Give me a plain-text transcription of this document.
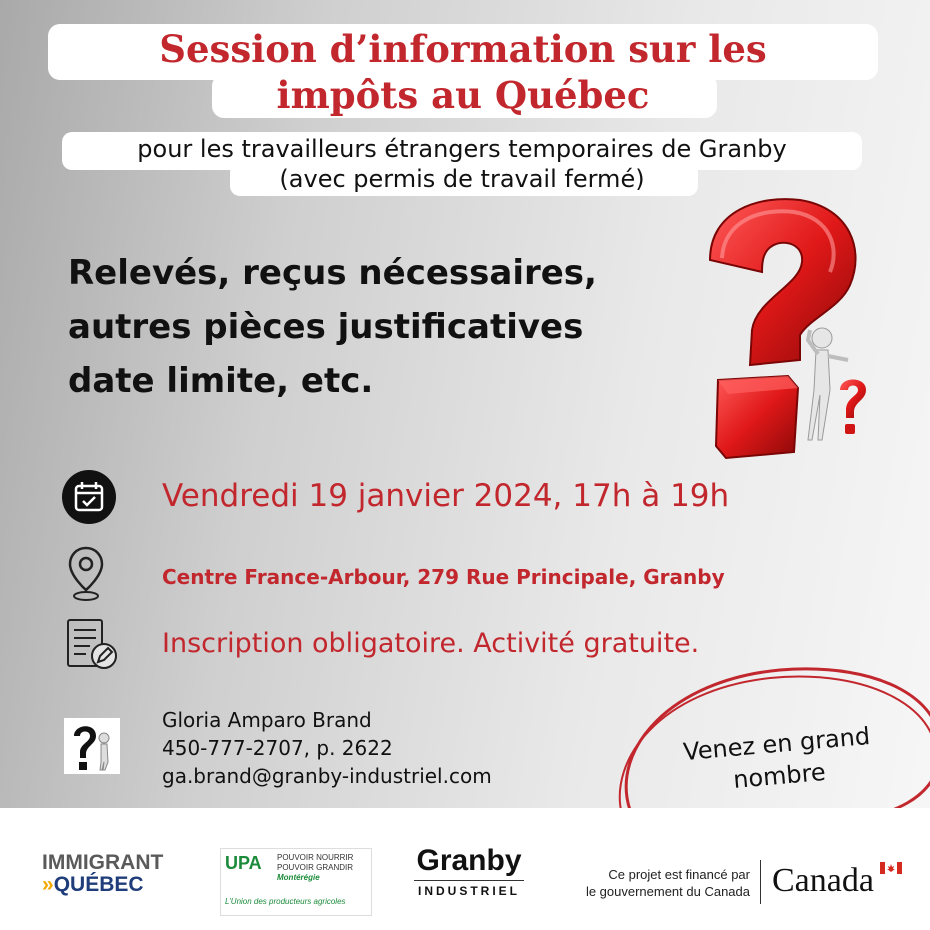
Session d’information sur les
impôts au Québec

pour les travailleurs étrangers temporaires de Granby
(avec permis de travail fermé)

Relevés, reçus nécessaires,
autres pièces justificatives
date limite, etc.
Vendredi 19 janvier 2024, 17h à 19h
Centre France-Arbour, 279 Rue Principale, Granby
Inscription obligatoire. Activité gratuite.
Gloria Amparo Brand
450-777-2707, p. 2622
ga.brand@granby-industriel.com
Venez en grand
nombre
IMMIGRANT
»QUÉBEC
UPA POUVOIR NOURRIR
POUVOIR GRANDIR
Montérégie
L’Union des producteurs agricoles
Granby
INDUSTRIEL
Ce projet est financé par
le gouvernement du Canada Canada
